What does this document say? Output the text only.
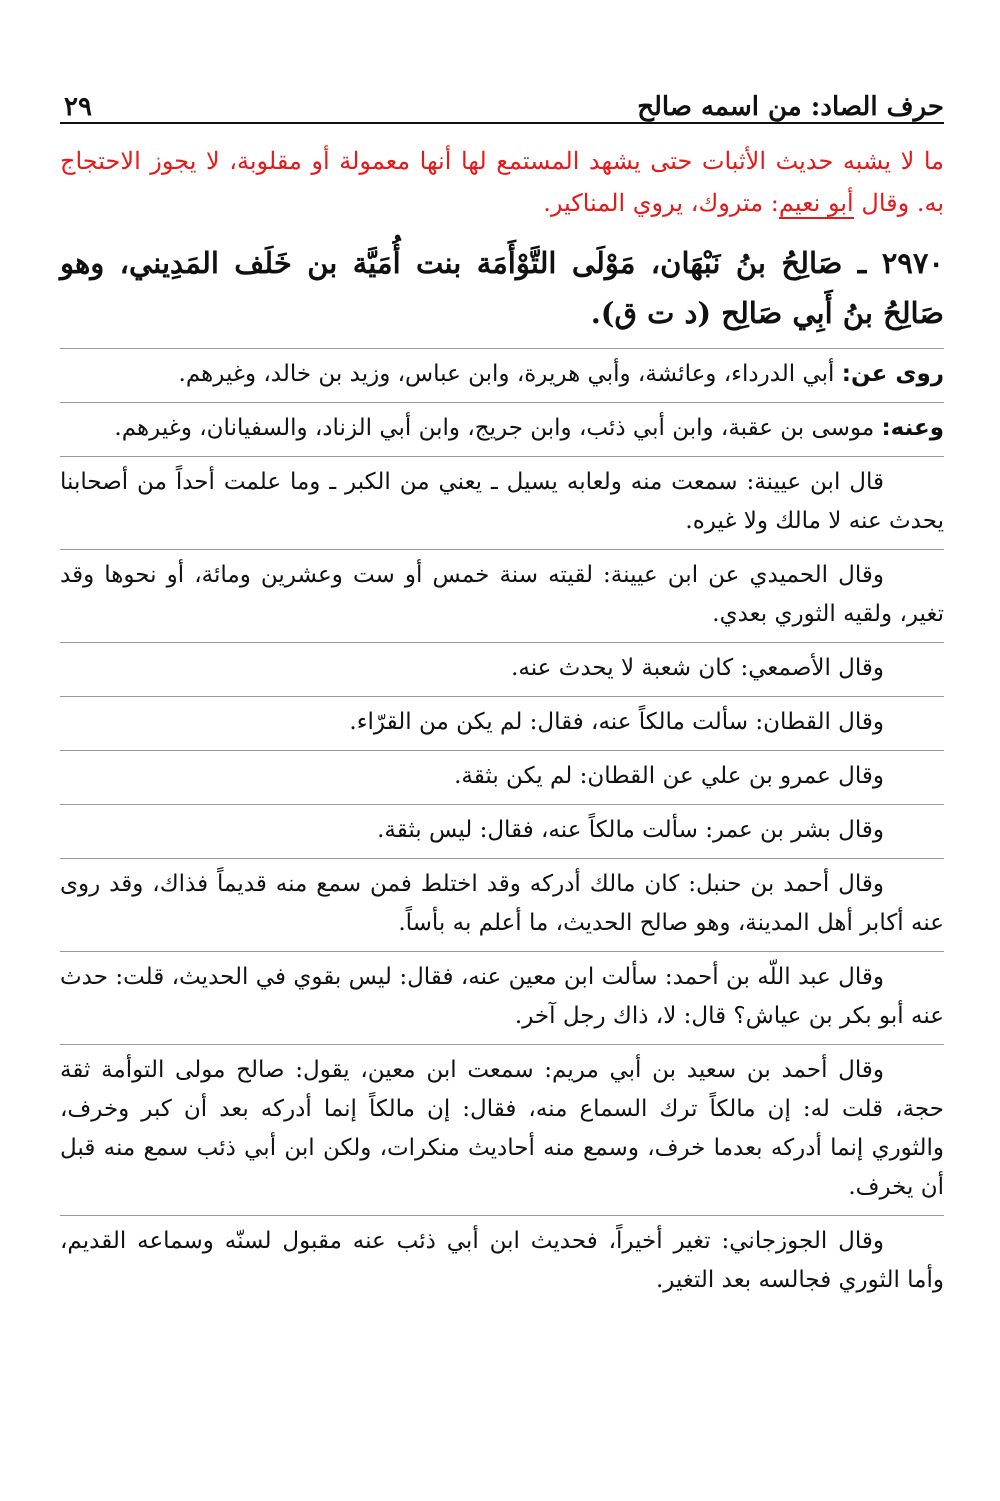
حرف الصاد: من اسمه صالح
٢٩
ما لا يشبه حديث الأثبات حتى يشهد المستمع لها أنها معمولة أو مقلوبة، لا يجوز الاحتجاج به. وقال أبو نعيم: متروك، يروي المناكير.
٢٩٧٠ ـ صَالِحُ بنُ نَبْهَان، مَوْلَى التَّوْأَمَة بنت أُمَيَّة بن خَلَف المَدِيني، وهو صَالِحُ بنُ أَبِي صَالِح (د ت ق).
روى عن: أبي الدرداء، وعائشة، وأبي هريرة، وابن عباس، وزيد بن خالد، وغيرهم.
وعنه: موسى بن عقبة، وابن أبي ذئب، وابن جريج، وابن أبي الزناد، والسفيانان، وغيرهم.
قال ابن عيينة: سمعت منه ولعابه يسيل ـ يعني من الكبر ـ وما علمت أحداً من أصحابنا يحدث عنه لا مالك ولا غيره.
وقال الحميدي عن ابن عيينة: لقيته سنة خمس أو ست وعشرين ومائة، أو نحوها وقد تغير، ولقيه الثوري بعدي.
وقال الأصمعي: كان شعبة لا يحدث عنه.
وقال القطان: سألت مالكاً عنه، فقال: لم يكن من القرّاء.
وقال عمرو بن علي عن القطان: لم يكن بثقة.
وقال بشر بن عمر: سألت مالكاً عنه، فقال: ليس بثقة.
وقال أحمد بن حنبل: كان مالك أدركه وقد اختلط فمن سمع منه قديماً فذاك، وقد روى عنه أكابر أهل المدينة، وهو صالح الحديث، ما أعلم به بأساً.
وقال عبد اللّه بن أحمد: سألت ابن معين عنه، فقال: ليس بقوي في الحديث، قلت: حدث عنه أبو بكر بن عياش؟ قال: لا، ذاك رجل آخر.
وقال أحمد بن سعيد بن أبي مريم: سمعت ابن معين، يقول: صالح مولى التوأمة ثقة حجة، قلت له: إن مالكاً ترك السماع منه، فقال: إن مالكاً إنما أدركه بعد أن كبر وخرف، والثوري إنما أدركه بعدما خرف، وسمع منه أحاديث منكرات، ولكن ابن أبي ذئب سمع منه قبل أن يخرف.
وقال الجوزجاني: تغير أخيراً، فحديث ابن أبي ذئب عنه مقبول لسنّه وسماعه القديم، وأما الثوري فجالسه بعد التغير.
